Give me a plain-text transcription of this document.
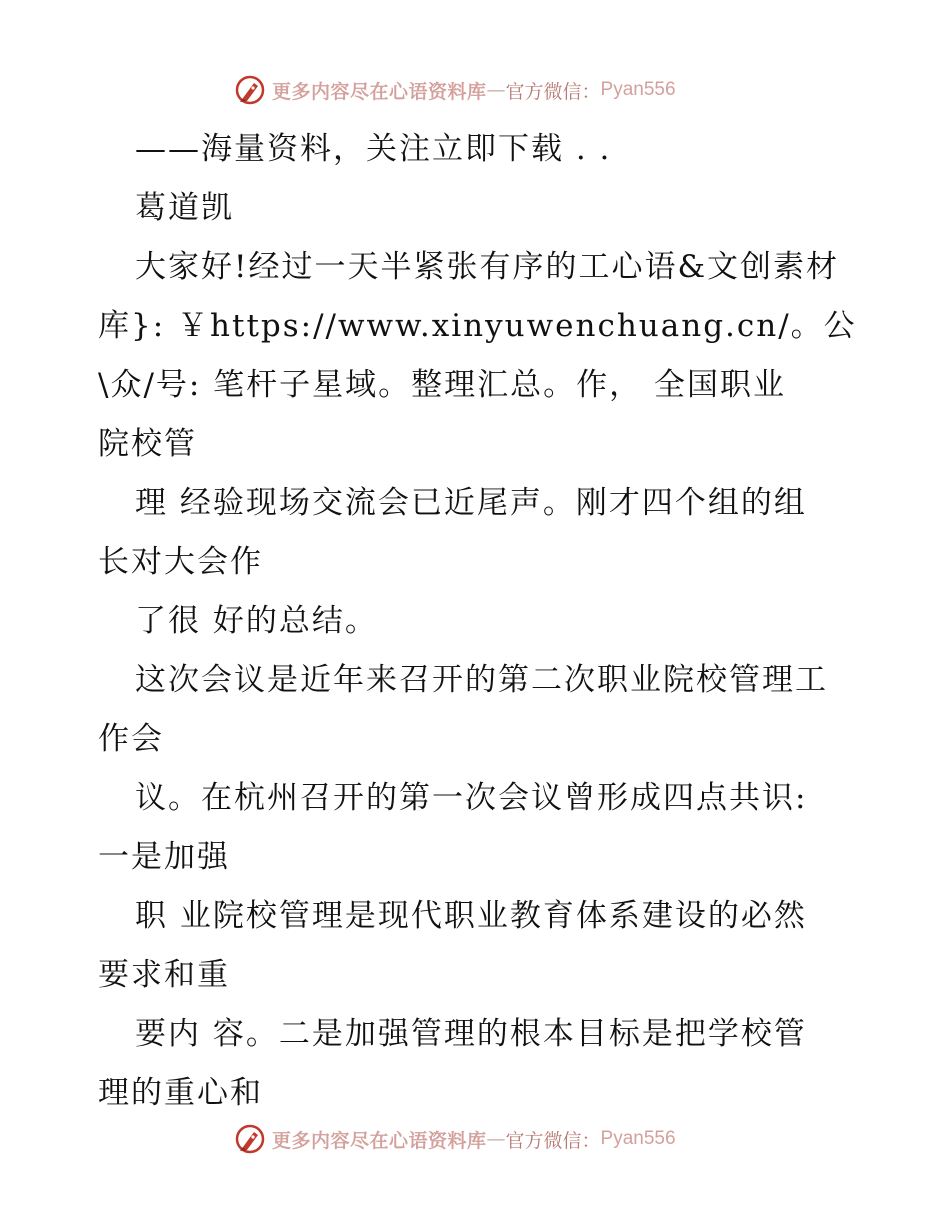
更多内容尽在心语资料库 — 官方微信 ： Pyan556
——海量资料，关注立即下载 . .
葛道凯
大家好!经过一天半紧张有序的工心语&文创素材
库}: ￥https://www.xinyuwenchuang.cn/。公
\众/号: 笔杆子星域。整理汇总。作， 全国职业
院校管
理 经验现场交流会已近尾声。刚才四个组的组
长对大会作
了很 好的总结。
这次会议是近年来召开的第二次职业院校管理工
作会
议。在杭州召开的第一次会议曾形成四点共识:
一是加强
职 业院校管理是现代职业教育体系建设的必然
要求和重
要内 容。二是加强管理的根本目标是把学校管
理的重心和
更多内容尽在心语资料库 — 官方微信 ： Pyan556
